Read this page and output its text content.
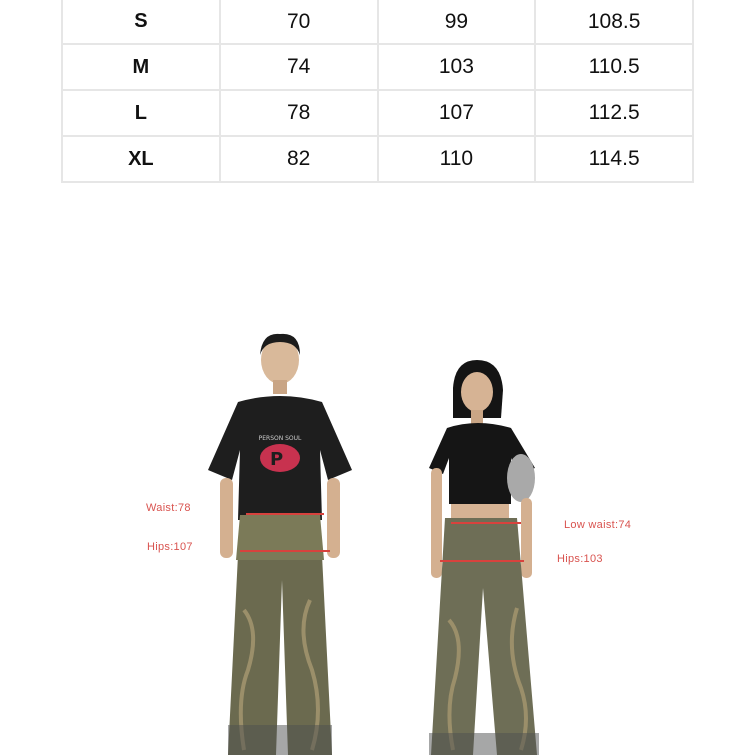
S	70	99	108.5
M	74	103	110.5
L	78	107	112.5
XL	82	110	114.5
P
PERSON SOUL
Waist:78
Hips:107
Low waist:74
Hips:103
